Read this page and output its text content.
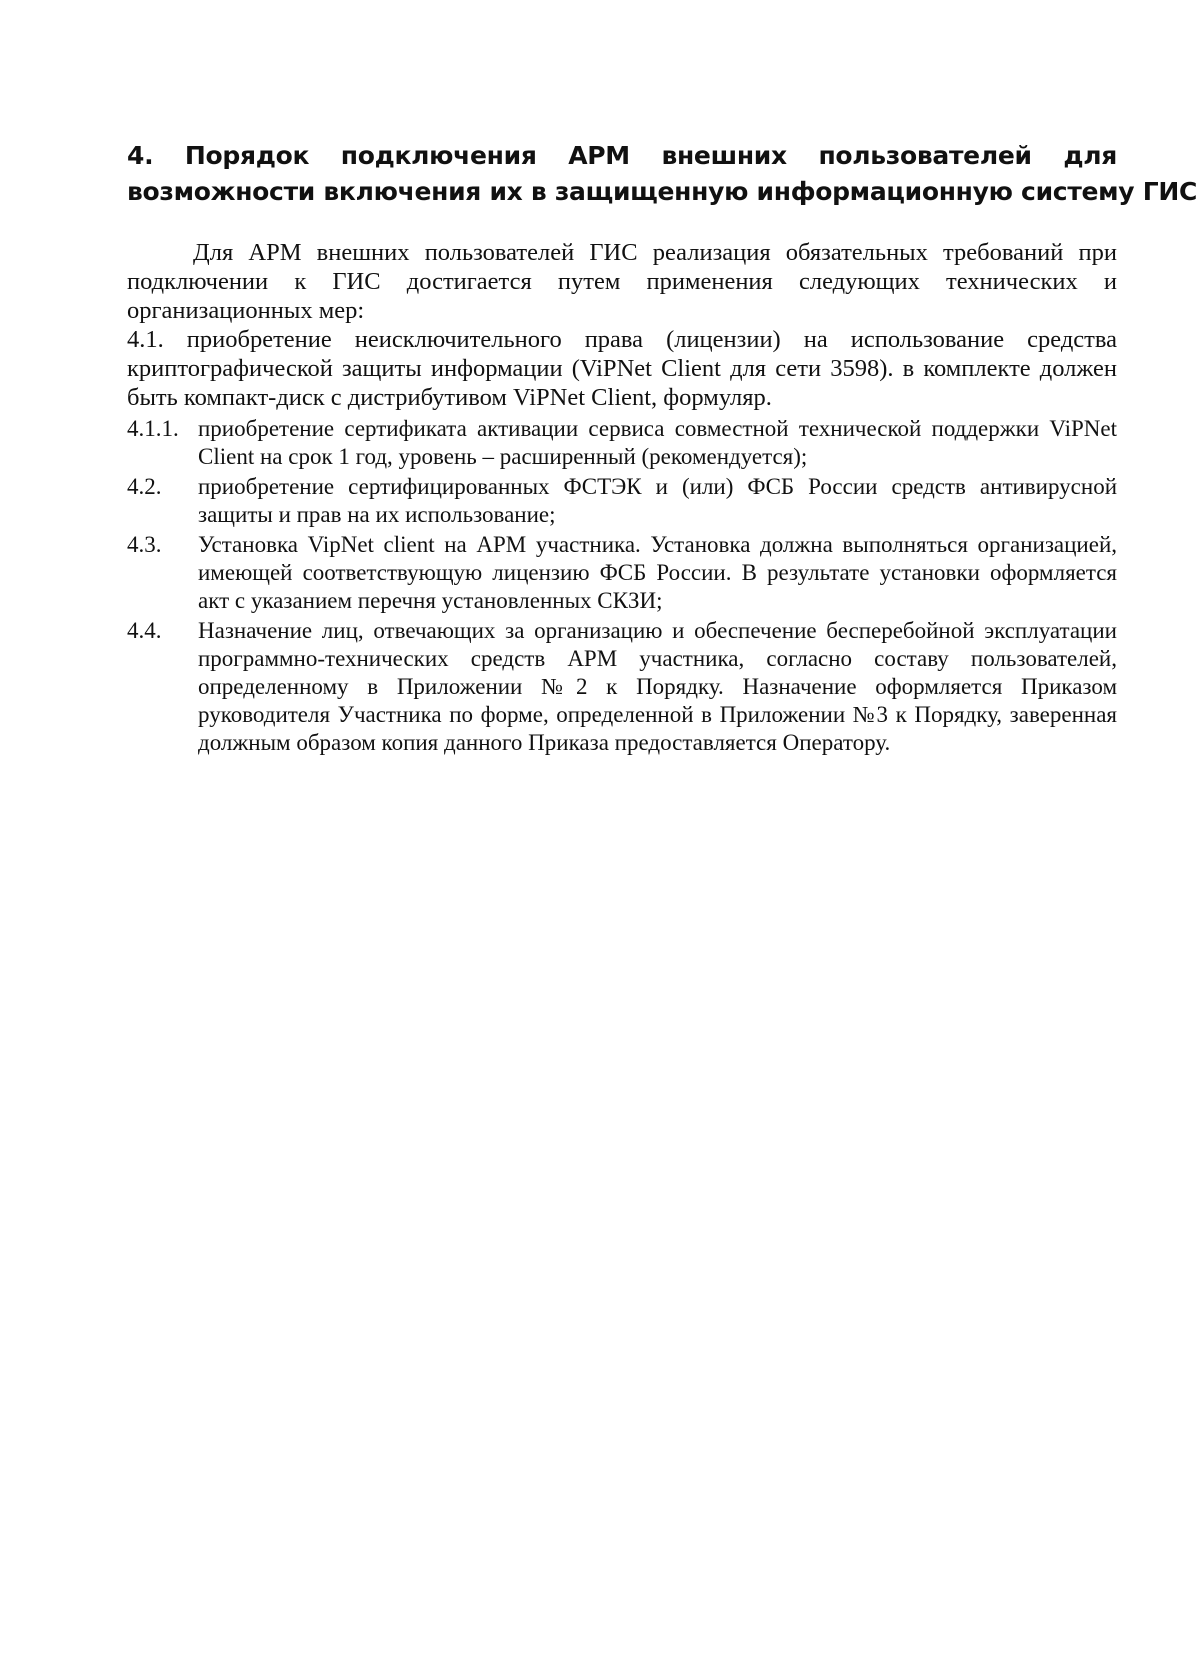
4. Порядок подключения АРМ внешних пользователей для
возможности включения их в защищенную информационную систему ГИС

Для АРМ внешних пользователей ГИС реализация обязательных требований при подключении к ГИС достигается путем применения следующих технических и организационных мер:

4.1. приобретение неисключительного права (лицензии) на использование средства криптографической защиты информации (ViPNet Client для сети 3598). в комплекте должен быть компакт-диск с дистрибутивом ViPNet Client, формуляр.

4.1.1. приобретение сертификата активации сервиса совместной технической поддержки ViPNet Client на срок 1 год, уровень – расширенный (рекомендуется);
4.2.	приобретение сертифицированных ФСТЭК и (или) ФСБ России средств антивирусной защиты и прав на их использование;
4.3.	Установка VipNet client на АРМ участника. Установка должна выполняться организацией, имеющей соответствующую лицензию ФСБ России. В результате установки оформляется акт с указанием перечня установленных СКЗИ;
4.4.	Назначение лиц, отвечающих за организацию и обеспечение бесперебойной эксплуатации программно-технических средств АРМ участника, согласно составу пользователей, определенному в Приложении №2 к Порядку. Назначение оформляется Приказом руководителя Участника по форме, определенной в Приложении №3 к Порядку, заверенная должным образом копия данного Приказа предоставляется Оператору.
